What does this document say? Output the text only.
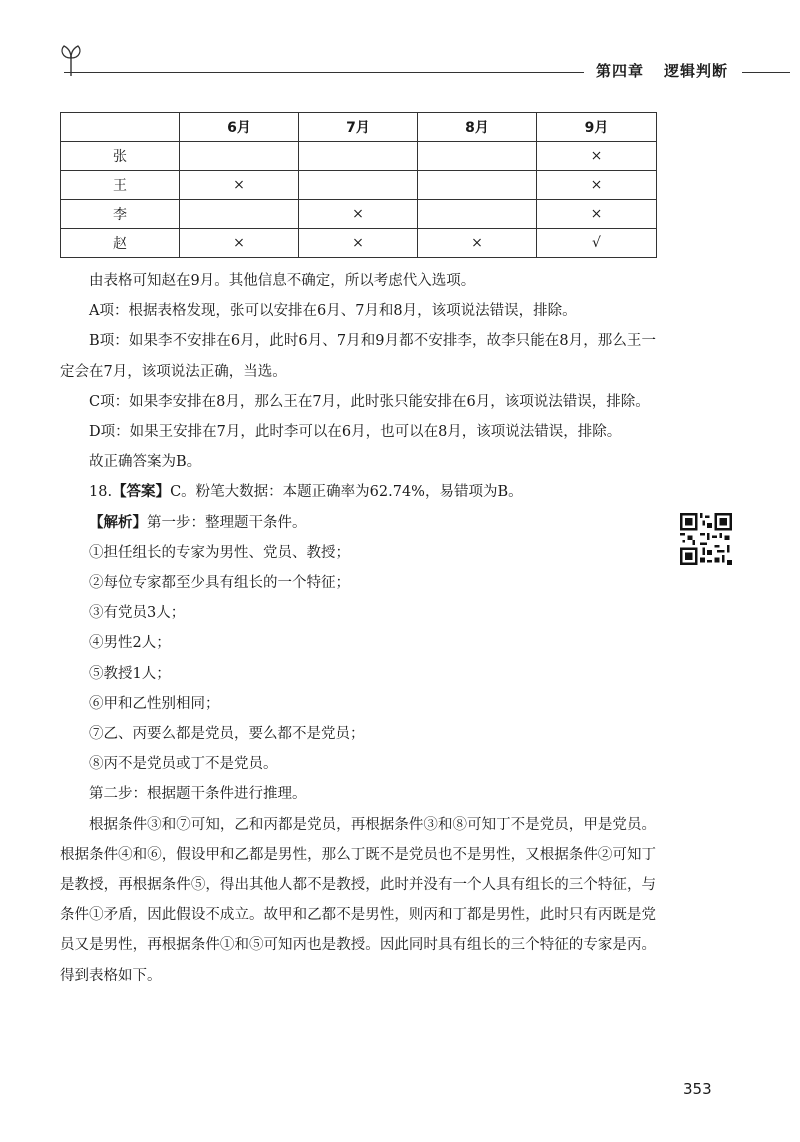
第四章 逻辑判断
	6月	7月	8月	9月
张				×
王	×			×
李		×		×
赵	×	×	×	√

由表格可知赵在9月。其他信息不确定，所以考虑代入选项。

A项：根据表格发现，张可以安排在6月、7月和8月，该项说法错误，排除。

B项：如果李不安排在6月，此时6月、7月和9月都不安排李，故李只能在8月，那么王一定会在7月，该项说法正确，当选。

C项：如果李安排在8月，那么王在7月，此时张只能安排在6月，该项说法错误，排除。

D项：如果王安排在7月，此时李可以在6月，也可以在8月，该项说法错误，排除。

故正确答案为B。

18.【答案】C。粉笔大数据：本题正确率为62.74%，易错项为B。

【解析】第一步：整理题干条件。

①担任组长的专家为男性、党员、教授；

②每位专家都至少具有组长的一个特征；

③有党员3人；

④男性2人；

⑤教授1人；

⑥甲和乙性别相同；

⑦乙、丙要么都是党员，要么都不是党员；

⑧丙不是党员或丁不是党员。

第二步：根据题干条件进行推理。

根据条件③和⑦可知，乙和丙都是党员，再根据条件③和⑧可知丁不是党员，甲是党员。根据条件④和⑥，假设甲和乙都是男性，那么丁既不是党员也不是男性，又根据条件②可知丁是教授，再根据条件⑤，得出其他人都不是教授，此时并没有一个人具有组长的三个特征，与条件①矛盾，因此假设不成立。故甲和乙都不是男性，则丙和丁都是男性，此时只有丙既是党员又是男性，再根据条件①和⑤可知丙也是教授。因此同时具有组长的三个特征的专家是丙。得到表格如下。

353
